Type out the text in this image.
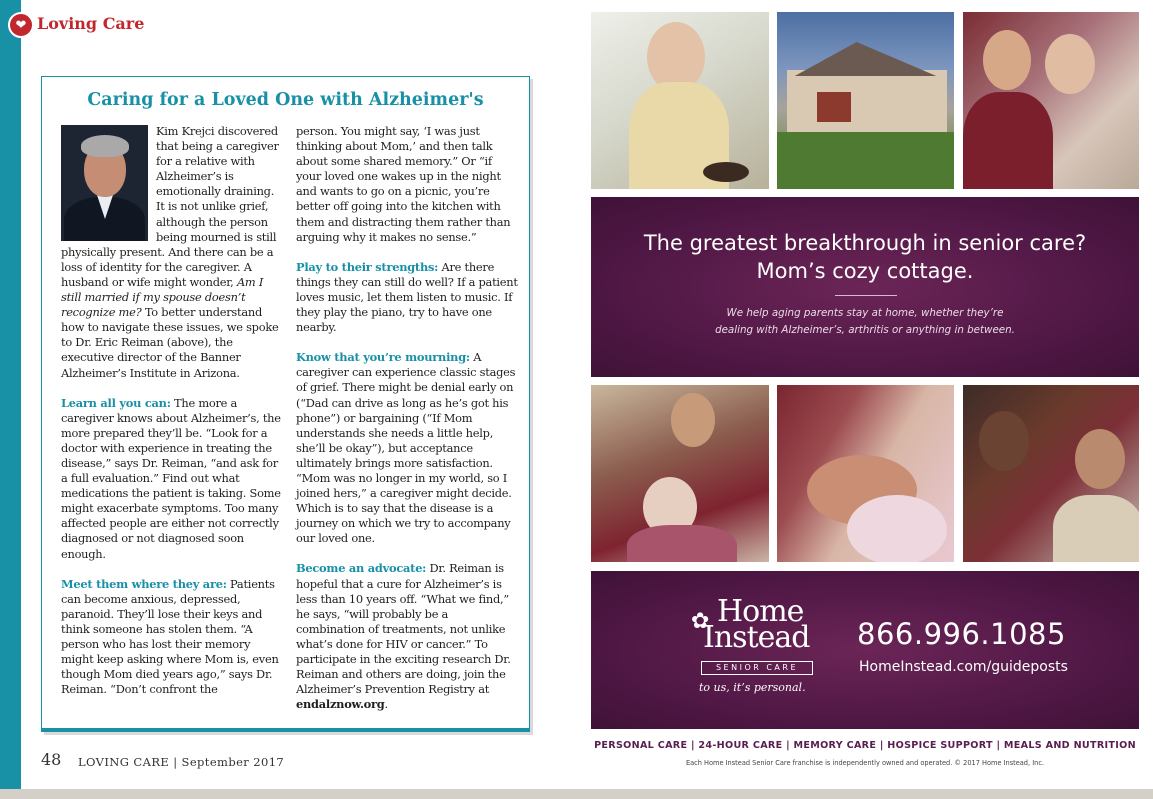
❤ Loving Care
Caring for a Loved One with Alzheimer's

Kim Krejci discovered that being a caregiver for a relative with Alzheimer’s is emotionally draining. It is not unlike grief, although the person being mourned is still physically present. And there can be a loss of identity for the caregiver. A husband or wife might wonder, Am I still married if my spouse doesn’t recognize me? To better understand how to navigate these issues, we spoke to Dr. Eric Reiman (above), the executive director of the Banner Alzheimer’s Institute in Arizona.

Learn all you can: The more a caregiver knows about Alzheimer’s, the more prepared they’ll be. “Look for a doctor with experience in treating the disease,” says Dr. Reiman, “and ask for a full evaluation.” Find out what medications the patient is taking. Some might exacerbate symptoms. Too many affected people are either not correctly diagnosed or not diagnosed soon enough.

Meet them where they are: Patients can become anxious, depressed, paranoid. They’ll lose their keys and think someone has stolen them. “A person who has lost their memory might keep asking where Mom is, even though Mom died years ago,” says Dr. Reiman. “Don’t confront the

person. You might say, ‘I was just thinking about Mom,’ and then talk about some shared memory.” Or “if your loved one wakes up in the night and wants to go on a picnic, you’re better off going into the kitchen with them and distracting them rather than arguing why it makes no sense.”

Play to their strengths: Are there things they can still do well? If a patient loves music, let them listen to music. If they play the piano, try to have one nearby.

Know that you’re mourning: A caregiver can experience classic stages of grief. There might be denial early on (“Dad can drive as long as he’s got his phone”) or bargaining (“If Mom understands she needs a little help, she’ll be okay”), but acceptance ultimately brings more satisfaction. “Mom was no longer in my world, so I joined hers,” a caregiver might decide. Which is to say that the disease is a journey on which we try to accompany our loved one.

Become an advocate: Dr. Reiman is hopeful that a cure for Alzheimer’s is less than 10 years off. “What we find,” he says, “will probably be a combination of treatments, not unlike what’s done for HIV or cancer.” To participate in the exciting research Dr. Reiman and others are doing, join the Alzheimer’s Prevention Registry at endalznow.org.

48 LOVING CARE | September 2017
The greatest breakthrough in senior care?
Mom’s cozy cottage.
We help aging parents stay at home, whether they’re
dealing with Alzheimer’s, arthritis or anything in between.
✿ Home
Instead
SENIOR CARE
to us, it’s personal.
866.996.1085
HomeInstead.com/guideposts
PERSONAL CARE | 24-HOUR CARE | MEMORY CARE | HOSPICE SUPPORT | MEALS AND NUTRITION
Each Home Instead Senior Care franchise is independently owned and operated. © 2017 Home Instead, Inc.
